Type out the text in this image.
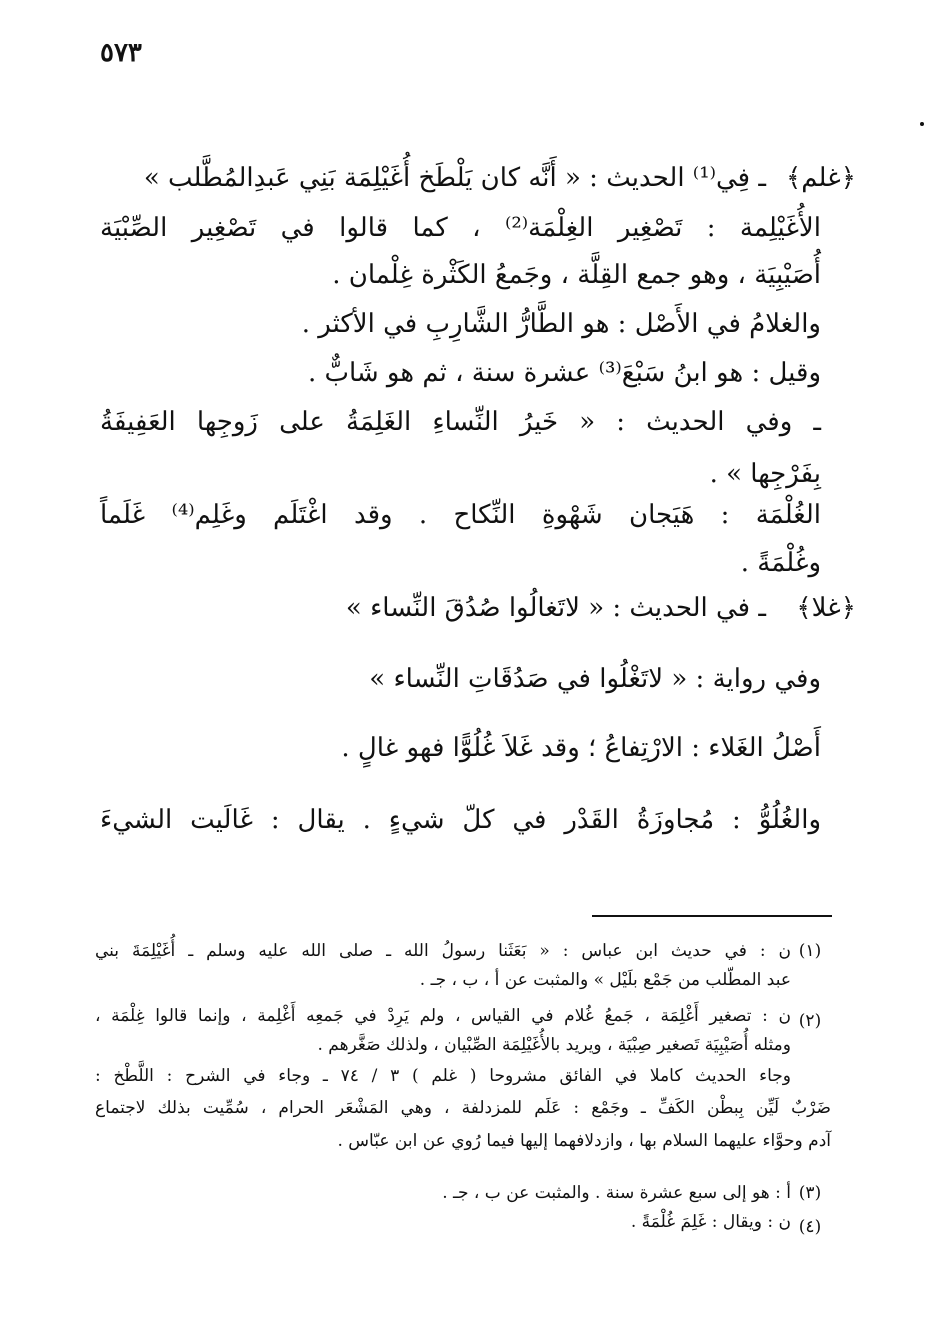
٥٧٣
﴿غلم﴾
ـ فِي⁽¹⁾ الحديث : « أَنَّه كان يَلْطَخ أُغَيْلِمَة بَنِي عَبدِالمُطَّلب »
الأُغَيْلِمة : تَصْغِير الغِلْمَة⁽²⁾ ، كما قالوا في تَصْغِير الصِّبْيَة
أُصَيْبِيَة ، وهو جمع القِلَّة ، وجَمعُ الكَثْرة غِلْمان .
والغلامُ في الأَصْل : هو الطَّارُّ الشَّارِبِ في الأكثر .
وقيل : هو ابنُ سَبْعَ⁽³⁾ عشرة سنة ، ثم هو شَابٌّ .
ـ وفي الحديث : « خَيرُ النِّساءِ الغَلِمَةُ على زَوجِها العَفِيفَةُ
بِفَرْجِها » .
الغُلْمَة : هَيَجان شَهْوةِ النِّكاح . وقد اغْتَلَم وغَلِم⁽⁴⁾ غَلَماً
وغُلْمَةً .
﴿غلا﴾
ـ في الحديث : « لاتَغالُوا صُدُقَ النِّساء »
وفي رواية : « لاتَغْلُوا في صَدُقَاتِ النِّساء »
أَصْلُ الغَلاء : الارْتِفاعُ ؛ وقد غَلاَ غُلُوًّا فهو غالٍ .
والغُلُوُّ : مُجاوزَةُ القَدْر في كلّ شيءٍ . يقال : غَالَيت الشيءَ
(١)
ن : في حديث ابن عباس : « بَعَثَنا رسولُ الله ـ صلى الله عليه وسلم ـ أُغَيْلِمَةَ بني
عبد المطّلب من جَمْع بلَيْل » والمثبت عن أ ، ب ، جـ .
(٢)
ن : تصغير أَغْلِمَة ، جَمعُ غُلام في القياس ، ولم يَرِدْ في جَمعِه أَغْلِمة ، وإنما قالوا غِلْمَة ،
ومثله أُصَيْبِيَة تَصغير صِبْيَة ، ويريد بالأُغَيْلِمَة الصِّبْيان ، ولذلك صَغَّرهم .
وجاء الحديث كاملا في الفائق مشروحا ( غلم ) ٣ / ٧٤ ـ وجاء في الشرح : اللَّطْخ :
ضَرْبٌ لَيِّن بِبطْن الكَفِّ ـ وجَمْع : عَلَم للمزدلفة ، وهي المَشْعَر الحرام ، سُمِّيت بذلك لاجتماع
آدم وحوَّاء عليهما السلام بها ، وازدلافهما إليها فيما رُوي عن ابن عبّاس .
(٣)
أ : هو إلى سبع عشرة سنة . والمثبت عن ب ، جـ .
(٤)
ن : ويقال : غَلِمَ غُلْمَةً .
